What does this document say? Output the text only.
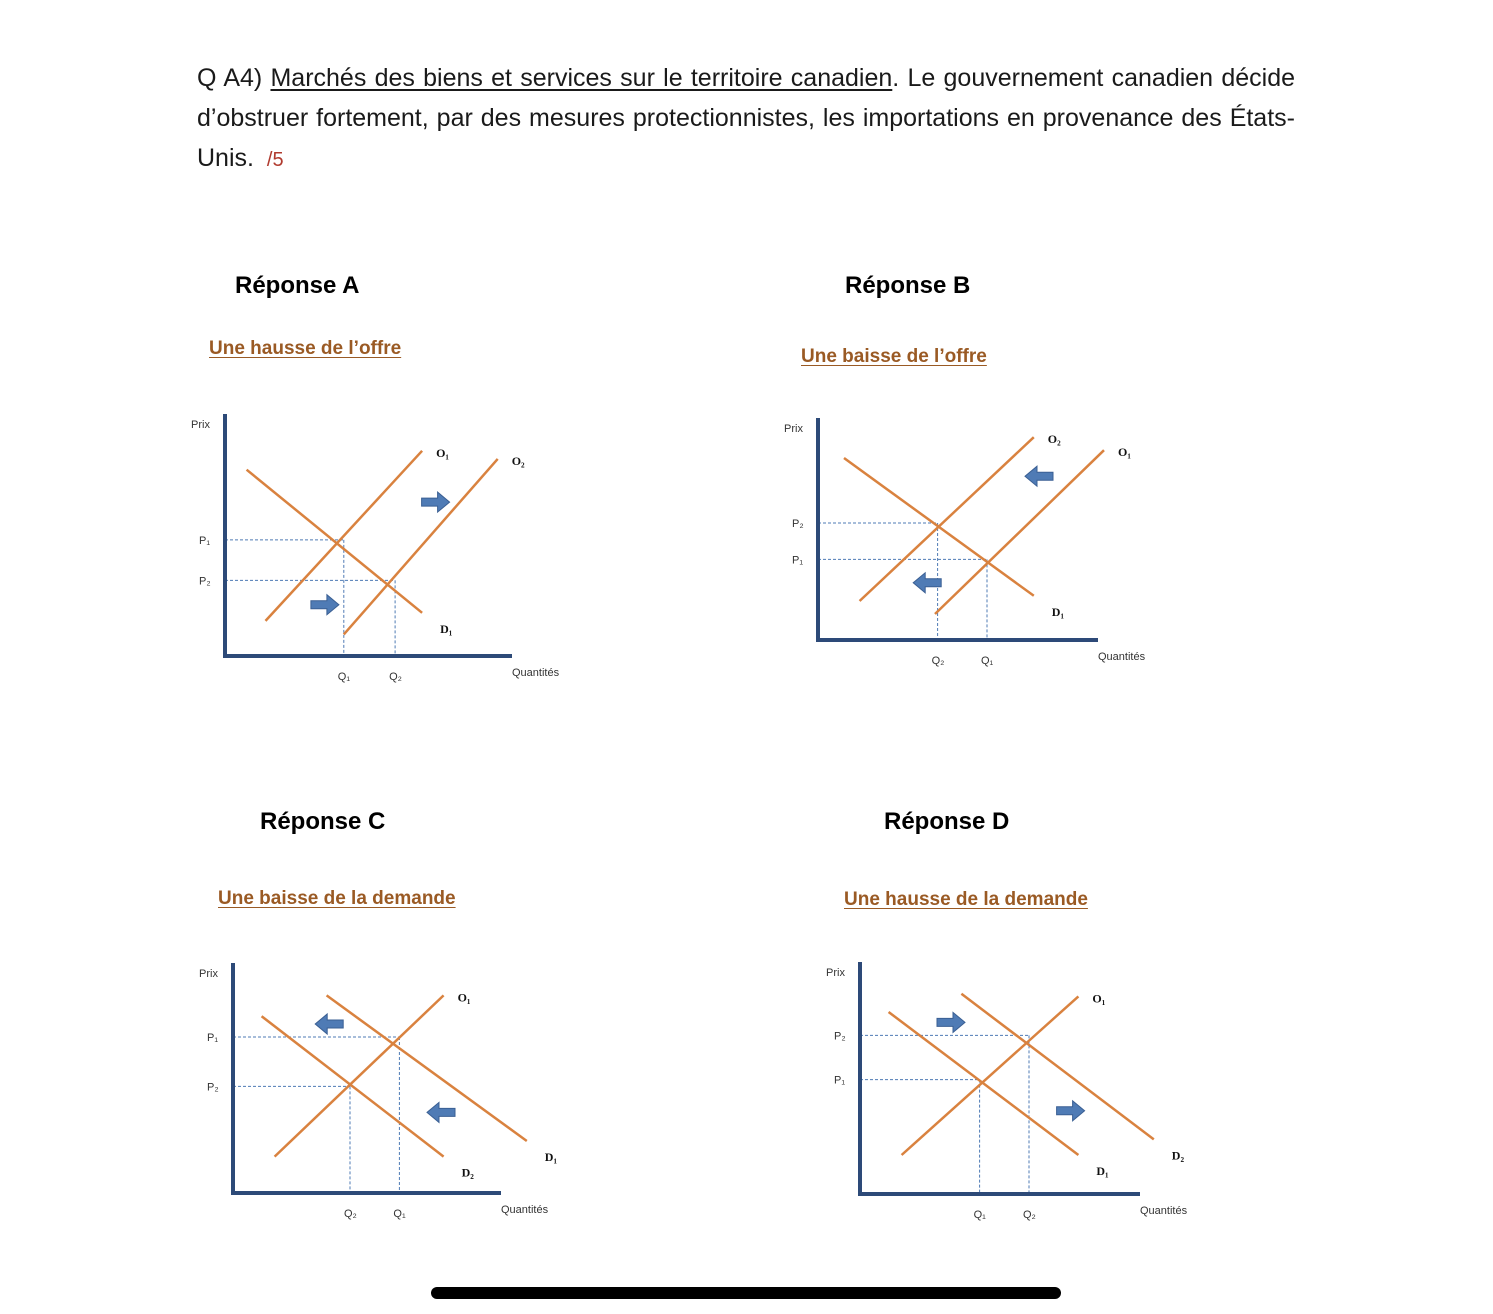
Q A4) Marchés des biens et services sur le territoire canadien. Le gouvernement canadien décide d’obstruer fortement, par des mesures protectionnistes, les importations en provenance des États-Unis. /5
Réponse A
Une hausse de l’offre
Réponse B
Une baisse de l’offre
Réponse C
Une baisse de la demande
Réponse D
Une hausse de la demande
P₁
Q₁
P₂
Q₂
O₁
O₂
D₁
Prix
Quantités
P₂
Q₂
P₁
Q₁
O₂
O₁
D₁
Prix
Quantités
P₁
Q₁
P₂
Q₂
O₁
D₁
D₂
Prix
Quantités
P₁
Q₁
P₂
Q₂
O₁
D₁
D₂
Prix
Quantités
